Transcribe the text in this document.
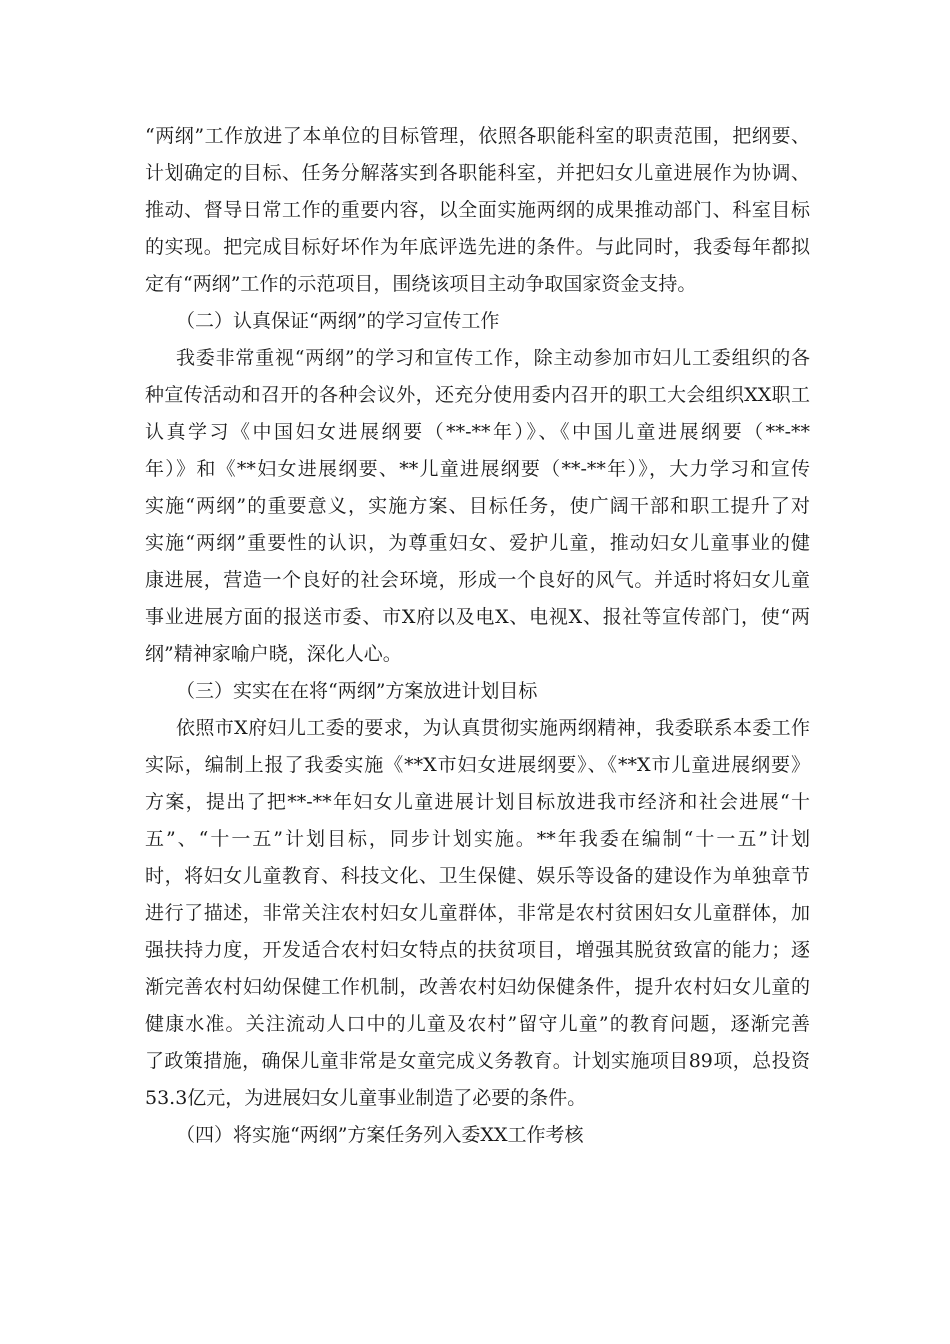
“两纲”工作放进了本单位的目标管理，依照各职能科室的职责范围，把纲要、
计划确定的目标、任务分解落实到各职能科室，并把妇女儿童进展作为协调、
推动、督导日常工作的重要内容，以全面实施两纲的成果推动部门、科室目标
的实现。把完成目标好坏作为年底评选先进的条件。与此同时，我委每年都拟
定有“两纲”工作的示范项目，围绕该项目主动争取国家资金支持。
（二）认真保证“两纲”的学习宣传工作
我委非常重视“两纲”的学习和宣传工作，除主动参加市妇儿工委组织的各
种宣传活动和召开的各种会议外，还充分使用委内召开的职工大会组织XX职工
认真学习《中国妇女进展纲要（**-**年）》、《中国儿童进展纲要（**-**
年）》和《**妇女进展纲要、**儿童进展纲要（**-**年）》，大力学习和宣传
实施“两纲”的重要意义，实施方案、目标任务，使广阔干部和职工提升了对
实施“两纲”重要性的认识，为尊重妇女、爱护儿童，推动妇女儿童事业的健
康进展，营造一个良好的社会环境，形成一个良好的风气。并适时将妇女儿童
事业进展方面的报送市委、市X府以及电X、电视X、报社等宣传部门，使“两
纲”精神家喻户晓，深化人心。
（三）实实在在将“两纲”方案放进计划目标
依照市X府妇儿工委的要求，为认真贯彻实施两纲精神，我委联系本委工作
实际，编制上报了我委实施《**X市妇女进展纲要》、《**X市儿童进展纲要》
方案，提出了把**-**年妇女儿童进展计划目标放进我市经济和社会进展“十
五”、“十一五”计划目标，同步计划实施。**年我委在编制“十一五”计划
时，将妇女儿童教育、科技文化、卫生保健、娱乐等设备的建设作为单独章节
进行了描述，非常关注农村妇女儿童群体，非常是农村贫困妇女儿童群体，加
强扶持力度，开发适合农村妇女特点的扶贫项目，增强其脱贫致富的能力；逐
渐完善农村妇幼保健工作机制，改善农村妇幼保健条件，提升农村妇女儿童的
健康水准。关注流动人口中的儿童及农村”留守儿童”的教育问题，逐渐完善
了政策措施，确保儿童非常是女童完成义务教育。计划实施项目89项，总投资
53.3亿元，为进展妇女儿童事业制造了必要的条件。
（四）将实施“两纲”方案任务列入委XX工作考核
